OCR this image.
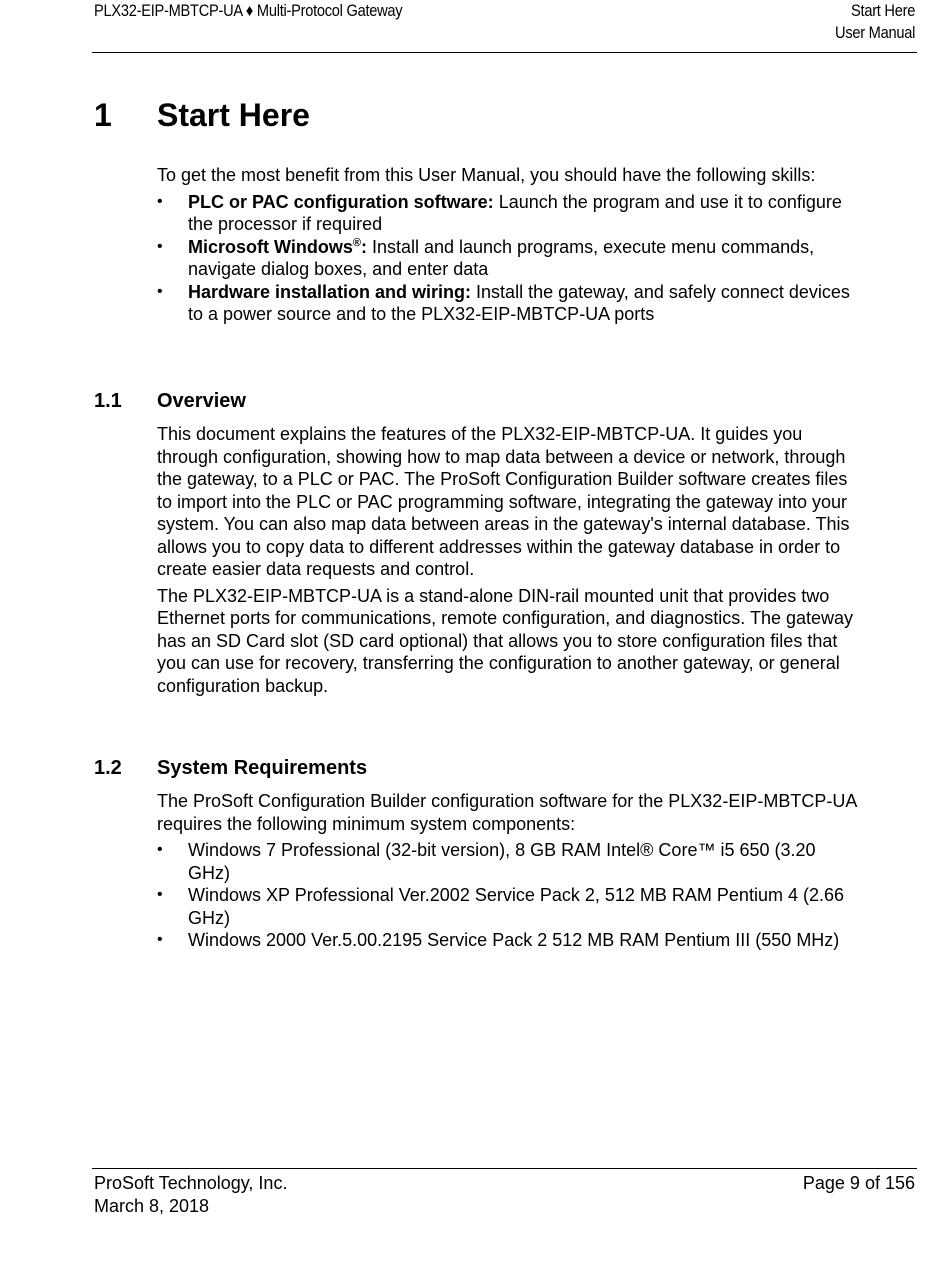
PLX32-EIP-MBTCP-UA ♦ Multi-Protocol Gateway	Start Here
User Manual
1 Start Here

To get the most benefit from this User Manual, you should have the following skills:

• PLC or PAC configuration software: Launch the program and use it to configure the processor if required
• Microsoft Windows®: Install and launch programs, execute menu commands, navigate dialog boxes, and enter data
• Hardware installation and wiring: Install the gateway, and safely connect devices to a power source and to the PLX32-EIP-MBTCP-UA ports
1.1 Overview

This document explains the features of the PLX32-EIP-MBTCP-UA. It guides you through configuration, showing how to map data between a device or network, through the gateway, to a PLC or PAC. The ProSoft Configuration Builder software creates files to import into the PLC or PAC programming software, integrating the gateway into your system. You can also map data between areas in the gateway's internal database. This allows you to copy data to different addresses within the gateway database in order to create easier data requests and control.

The PLX32-EIP-MBTCP-UA is a stand-alone DIN-rail mounted unit that provides two Ethernet ports for communications, remote configuration, and diagnostics. The gateway has an SD Card slot (SD card optional) that allows you to store configuration files that you can use for recovery, transferring the configuration to another gateway, or general configuration backup.

1.2 System Requirements

The ProSoft Configuration Builder configuration software for the PLX32-EIP-MBTCP-UA requires the following minimum system components:

• Windows 7 Professional (32-bit version), 8 GB RAM Intel® Core™ i5 650 (3.20 GHz)
• Windows XP Professional Ver.2002 Service Pack 2, 512 MB RAM Pentium 4 (2.66 GHz)
• Windows 2000 Ver.5.00.2195 Service Pack 2 512 MB RAM Pentium III (550 MHz)
ProSoft Technology, Inc.
March 8, 2018
Page 9 of 156
